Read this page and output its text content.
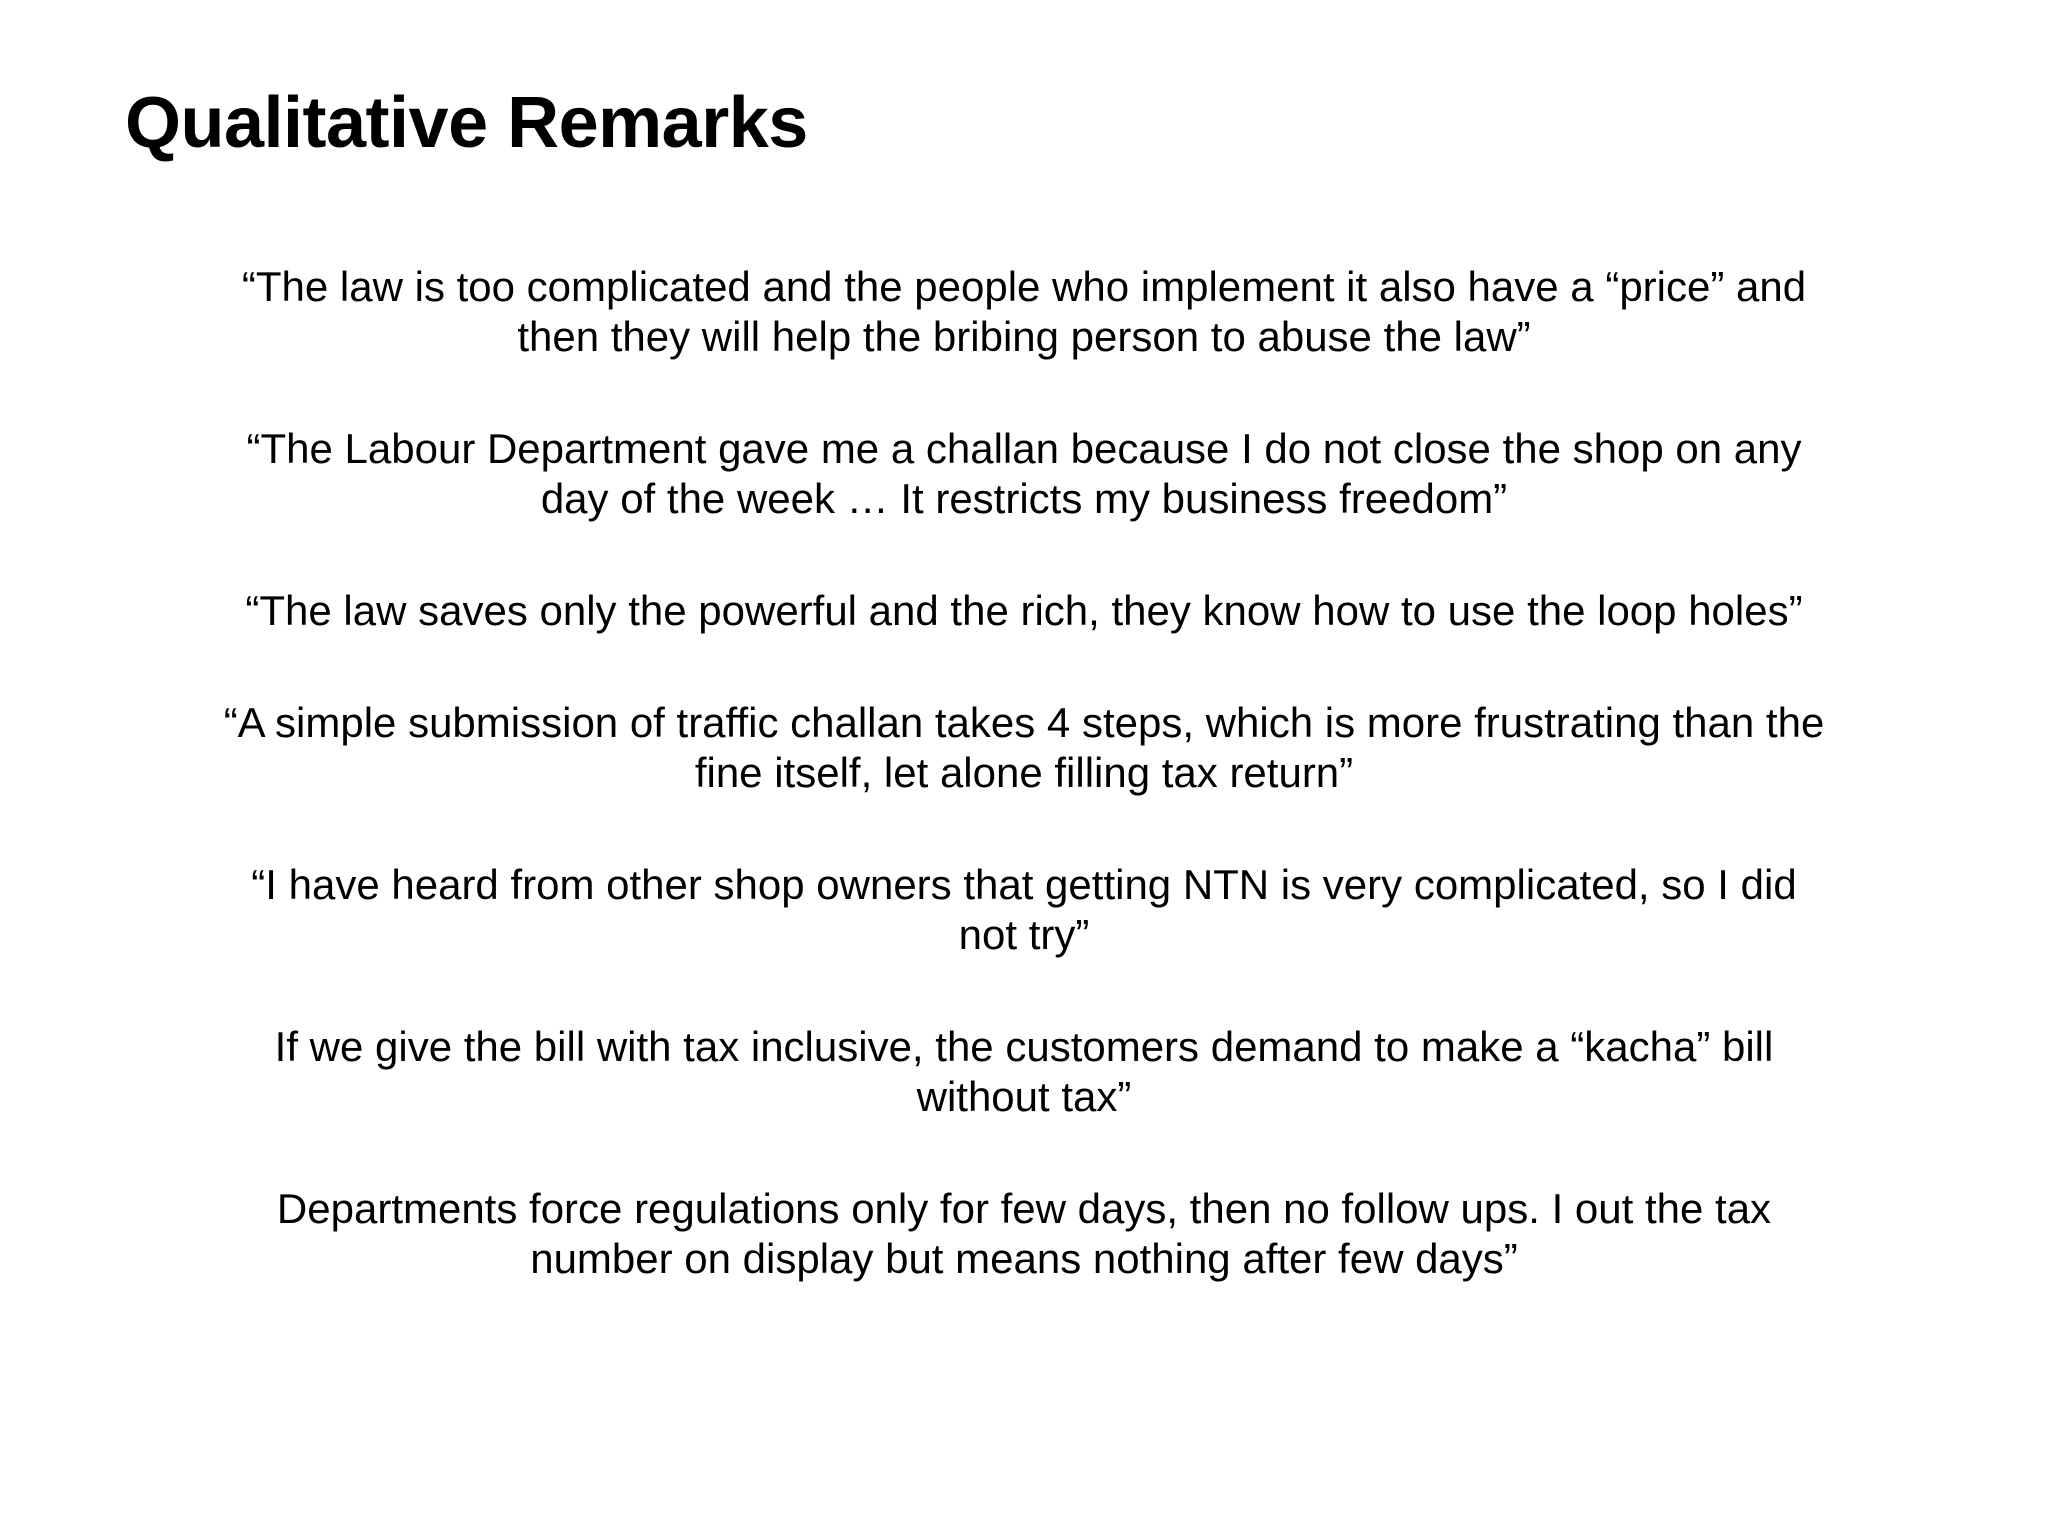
Qualitative Remarks

“The law is too complicated and the people who implement it also have a “price” and
then they will help the bribing person to abuse the law”

“The Labour Department gave me a challan because I do not close the shop on any
day of the week … It restricts my business freedom”

“The law saves only the powerful and the rich, they know how to use the loop holes”

“A simple submission of traffic challan takes 4 steps, which is more frustrating than the
fine itself, let alone filling tax return”

“I have heard from other shop owners that getting NTN is very complicated, so I did
not try”

If we give the bill with tax inclusive, the customers demand to make a “kacha” bill
without tax”

Departments force regulations only for few days, then no follow ups. I out the tax
number on display but means nothing after few days”
